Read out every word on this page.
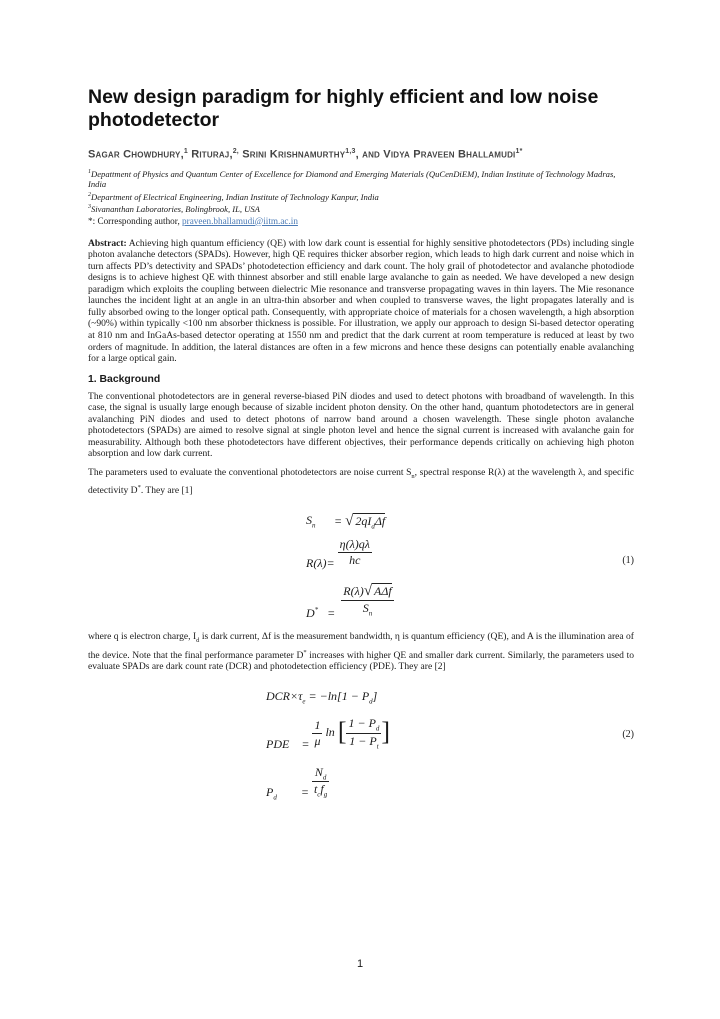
New design paradigm for highly efficient and low noise photodetector
Sagar Chowdhury,$^1$ Rituraj,$^{2,}$ Srini Krishnamurthy$^{1,3}$, and Vidya Praveen Bhallamudi$^{1*}$
$^1$Depattment of Physics and Quantum Center of Excellence for Diamond and Emerging Materials (QuCenDiEM), Indian Institute of Technology Madras, India
$^2$Department of Electrical Engineering, Indian Institute of Technology Kanpur, India
$^3$Sivananthan Laboratories, Bolingbrook, IL, USA
*: Corresponding author, praveen.bhallamudi@iitm.ac.in
Abstract: Achieving high quantum efficiency (QE) with low dark count is essential for highly sensitive photodetectors (PDs) including single photon avalanche detectors (SPADs). However, high QE requires thicker absorber region, which leads to high dark current and noise which in turn affects PD’s detectivity and SPADs’ photodetection efficiency and dark count. The holy grail of photodetector and avalanche photodiode designs is to achieve highest QE with thinnest absorber and still enable large avalanche to gain as needed. We have developed a new design paradigm which exploits the coupling between dielectric Mie resonance and transverse propagating waves in thin layers. The Mie resonance launches the incident light at an angle in an ultra-thin absorber and when coupled to transverse waves, the light propagates laterally and is fully absorbed owing to the longer optical path. Consequently, with appropriate choice of materials for a chosen wavelength, a high absorption (~90%) within typically <100 nm absorber thickness is possible. For illustration, we apply our approach to design Si-based detector operating at 810 nm and InGaAs-based detector operating at 1550 nm and predict that the dark current at room temperature is reduced at least by two orders of magnitude. In addition, the lateral distances are often in a few microns and hence these designs can potentially enable avalanching for a large optical gain.
1. Background
The conventional photodetectors are in general reverse-biased PiN diodes and used to detect photons with broadband of wavelength. In this case, the signal is usually large enough because of sizable incident photon density. On the other hand, quantum photodetectors are in general avalanching PiN diodes and used to detect photons of narrow band around a chosen wavelength. These single photon avalanche photodetectors (SPADs) are aimed to resolve signal at single photon level and hence the signal current is increased with avalanche gain for measurability. Although both these photodetectors have different objectives, their performance depends critically on achieving high photon absorption and low dark current.
The parameters used to evaluate the conventional photodetectors are noise current $S_n$, spectral response R(λ) at the wavelength λ, and specific detectivity D*. They are [1]
$S_n$ = √ $2qI_d\Delta f$
$R(\lambda)= \frac{\eta(\lambda)q\lambda}{hc}$	(1)
$D^* = \frac{\text{R(λ)√ AΔf}}{S_n}$
where q is electron charge, $I_d$ is dark current, Δf is the measurement bandwidth, η is quantum efficiency (QE), and A is the illumination area of the device. Note that the final performance parameter D* increases with higher QE and smaller dark current. Similarly, the parameters used to evaluate SPADs are dark count rate (DCR) and photodetection efficiency (PDE). They are [2]
$DCR\times\tau_e = -\ln[1 - P_d]$
PDE    = $\frac{1}{\mu}$ ln [ $\frac{1 - P_d}{1 - P_t}$ ]	(2)
$P_d$        = $\frac{N_d}{t_cf_g}$
1
